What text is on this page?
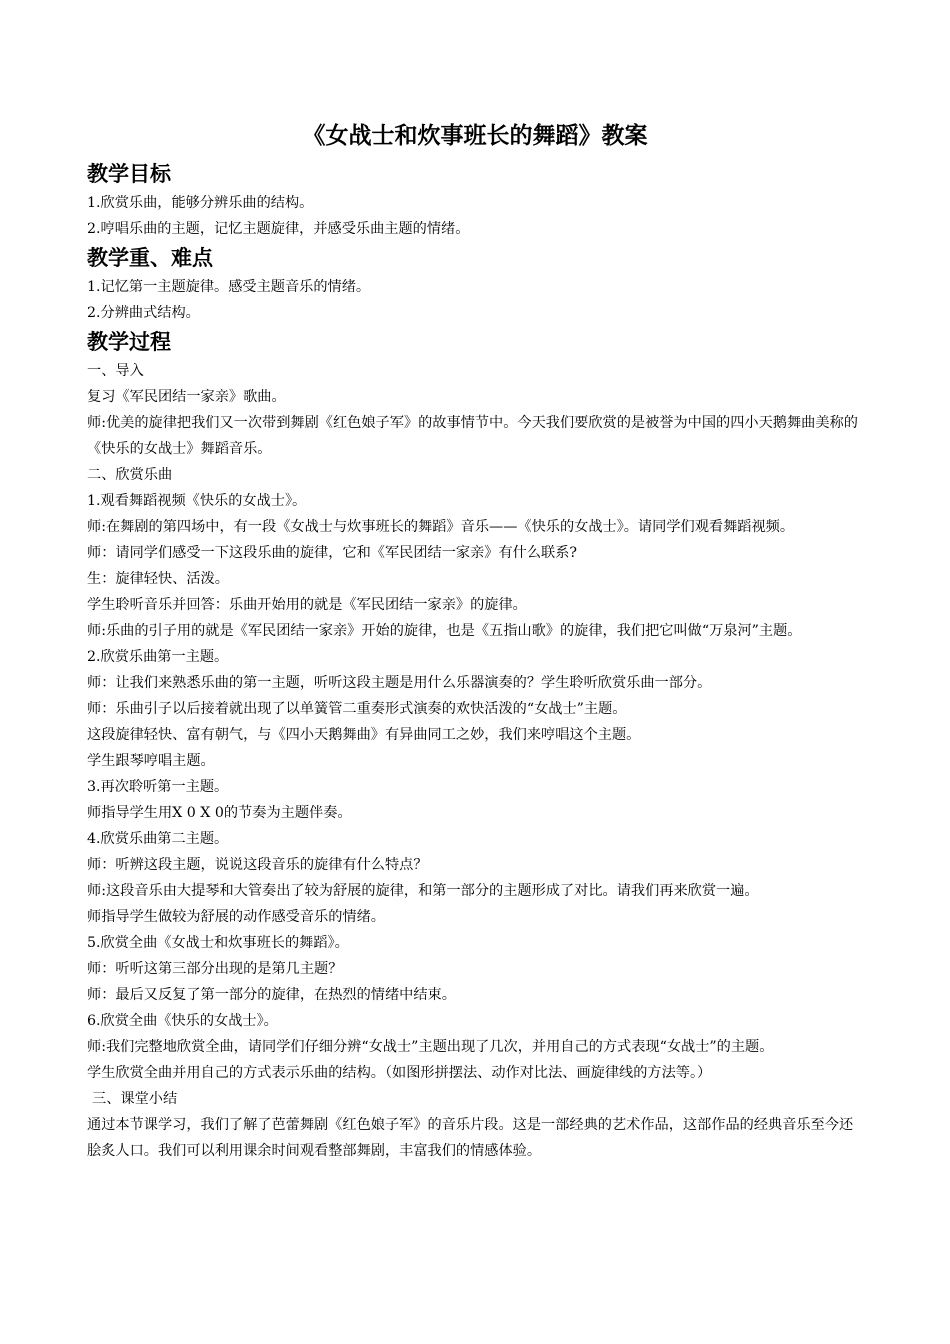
《女战士和炊事班长的舞蹈》教案
教学目标
1.欣赏乐曲，能够分辨乐曲的结构。
2.哼唱乐曲的主题，记忆主题旋律，并感受乐曲主题的情绪。
教学重、难点
1.记忆第一主题旋律。感受主题音乐的情绪。
2.分辨曲式结构。
教学过程
一、导入
复习《军民团结一家亲》歌曲。
师:优美的旋律把我们又一次带到舞剧《红色娘子军》的故事情节中。今天我们要欣赏的是被誉为中国的四小天鹅舞曲美称的《快乐的女战士》舞蹈音乐。
二、欣赏乐曲
1.观看舞蹈视频《快乐的女战士》。
师:在舞剧的第四场中，有一段《女战士与炊事班长的舞蹈》音乐——《快乐的女战士》。请同学们观看舞蹈视频。
师：请同学们感受一下这段乐曲的旋律，它和《军民团结一家亲》有什么联系?
生：旋律轻快、活泼。
学生聆听音乐并回答：乐曲开始用的就是《军民团结一家亲》的旋律。
师:乐曲的引子用的就是《军民团结一家亲》开始的旋律，也是《五指山歌》的旋律，我们把它叫做“万泉河”主题。
2.欣赏乐曲第一主题。
师：让我们来熟悉乐曲的第一主题，听听这段主题是用什么乐器演奏的？学生聆听欣赏乐曲一部分。
师：乐曲引子以后接着就出现了以单簧管二重奏形式演奏的欢快活泼的“女战士”主题。
这段旋律轻快、富有朝气，与《四小天鹅舞曲》有异曲同工之妙，我们来哼唱这个主题。
学生跟琴哼唱主题。
3.再次聆听第一主题。
师指导学生用X 0 X 0的节奏为主题伴奏。
4.欣赏乐曲第二主题。
师：听辨这段主题，说说这段音乐的旋律有什么特点？
师:这段音乐由大提琴和大管奏出了较为舒展的旋律，和第一部分的主题形成了对比。请我们再来欣赏一遍。
师指导学生做较为舒展的动作感受音乐的情绪。
5.欣赏全曲《女战士和炊事班长的舞蹈》。
师：听听这第三部分出现的是第几主题？
师：最后又反复了第一部分的旋律，在热烈的情绪中结束。
6.欣赏全曲《快乐的女战士》。
师:我们完整地欣赏全曲，请同学们仔细分辨“女战士”主题出现了几次，并用自己的方式表现“女战士”的主题。
学生欣赏全曲并用自己的方式表示乐曲的结构。（如图形拼摆法、动作对比法、画旋律线的方法等。）
三、课堂小结
通过本节课学习，我们了解了芭蕾舞剧《红色娘子军》的音乐片段。这是一部经典的艺术作品，这部作品的经典音乐至今还脍炙人口。我们可以利用课余时间观看整部舞剧，丰富我们的情感体验。
